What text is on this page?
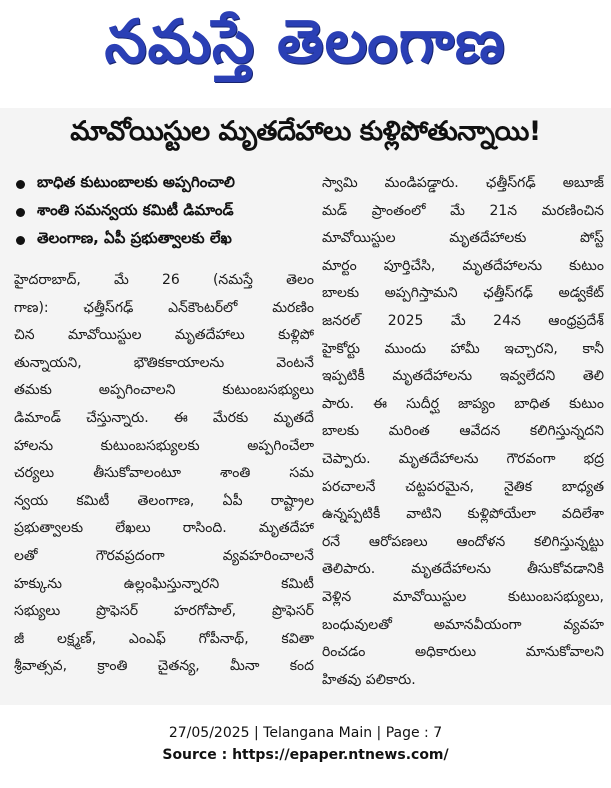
నమస్తే తెలంగాణ
మావోయిస్టుల మృతదేహాలు కుళ్లిపోతున్నాయి!
బాధిత కుటుంబాలకు అప్పగించాలి
శాంతి సమన్వయ కమిటీ డిమాండ్
తెలంగాణ, ఏపీ ప్రభుత్వాలకు లేఖ
హైదరాబాద్, మే 26 (నమస్తే తెలం
గాణ): ఛత్తీస్‌గఢ్ ఎన్‌కౌంటర్‌లో మరణిం
చిన మావోయిస్టుల మృతదేహాలు కుళ్లిపో
తున్నాయని, భౌతికకాయాలను వెంటనే
తమకు అప్పగించాలని కుటుంబసభ్యులు
డిమాండ్ చేస్తున్నారు. ఈ మేరకు మృతదే
హాలను కుటుంబసభ్యులకు అప్పగించేలా
చర్యలు తీసుకోవాలంటూ శాంతి సమ
న్వయ కమిటీ తెలంగాణ, ఏపీ రాష్ట్రాల
ప్రభుత్వాలకు లేఖలు రాసింది. మృతదేహా
లతో గౌరవప్రదంగా వ్యవహరించాలనే
హక్కును ఉల్లంఘిస్తున్నారని కమిటీ
సభ్యులు ప్రొఫెసర్ హరగోపాల్, ప్రొఫెసర్
జీ లక్ష్మణ్, ఎంఎఫ్ గోపీనాథ్, కవితా
శ్రీవాత్సవ, క్రాంతి చైతన్య, మీనా కంద
స్వామి మండిపడ్డారు. ఛత్తీస్‌గఢ్ అబూజ్
మడ్ ప్రాంతంలో మే 21న మరణించిన
మావోయిస్టుల మృతదేహాలకు పోస్ట్
మార్టం పూర్తిచేసి, మృతదేహాలను కుటుం
బాలకు అప్పగిస్తామని ఛత్తీస్‌గఢ్ అడ్వకేట్
జనరల్ 2025 మే 24న ఆంధ్రప్రదేశ్
హైకోర్టు ముందు హామీ ఇచ్చారని, కానీ
ఇప్పటికీ మృతదేహాలను ఇవ్వలేదని తెలి
పారు. ఈ సుదీర్ఘ జాప్యం బాధిత కుటుం
బాలకు మరింత ఆవేదన కలిగిస్తున్నదని
చెప్పారు. మృతదేహాలను గౌరవంగా భద్ర
పరచాలనే చట్టపరమైన, నైతిక బాధ్యత
ఉన్నప్పటికీ వాటిని కుళ్లిపోయేలా వదిలేశా
రనే ఆరోపణలు ఆందోళన కలిగిస్తున్నట్టు
తెలిపారు. మృతదేహాలను తీసుకోవడానికి
వెళ్లిన మావోయిస్టుల కుటుంబసభ్యులు,
బంధువులతో అమానవీయంగా వ్యవహ
రించడం అధికారులు మానుకోవాలని
హితవు పలికారు.
27/05/2025 | Telangana Main | Page : 7
Source : https://epaper.ntnews.com/
